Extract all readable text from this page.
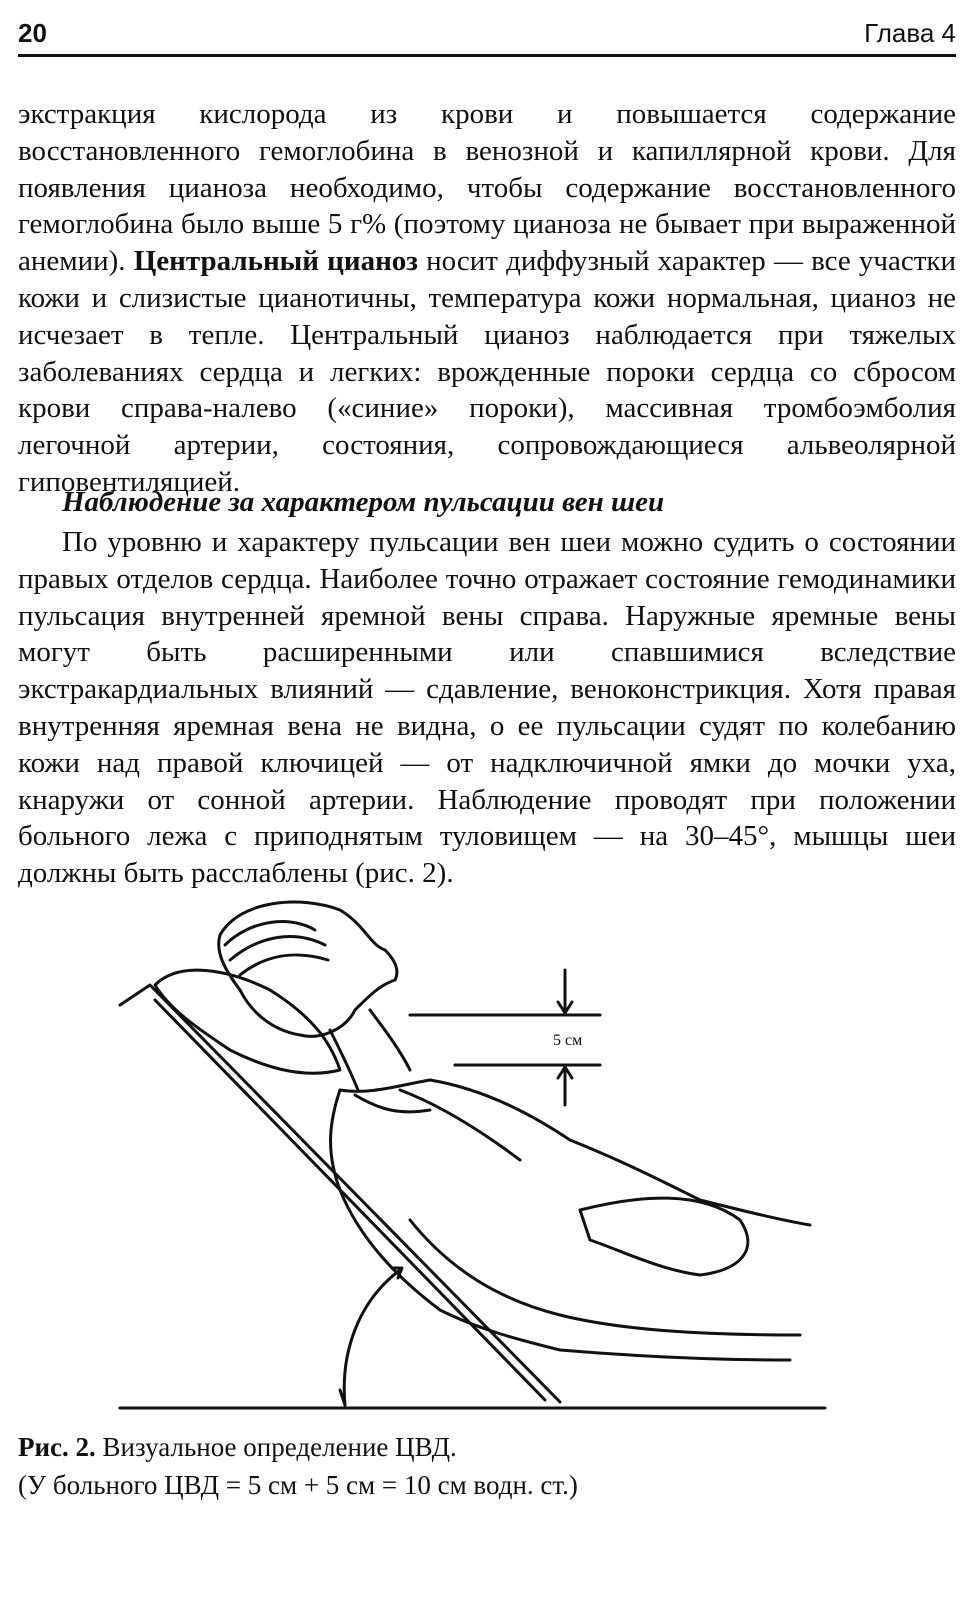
20	Глава 4

экстракция кислорода из крови и повышается содержание восстановленного гемоглобина в венозной и капиллярной крови. Для появления цианоза необходимо, чтобы содержание восстановленного гемоглобина было выше 5 г% (поэтому цианоза не бывает при выраженной анемии). Центральный цианоз носит диффузный характер — все участки кожи и слизистые цианотичны, температура кожи нормальная, цианоз не исчезает в тепле. Центральный цианоз наблюдается при тяжелых заболеваниях сердца и легких: врожденные пороки сердца со сбросом крови справа-налево («синие» пороки), массивная тромбоэмболия легочной артерии, состояния, сопровождающиеся альвеолярной гиповентиляцией.

Наблюдение за характером пульсации вен шеи

По уровню и характеру пульсации вен шеи можно судить о состоянии правых отделов сердца. Наиболее точно отражает состояние гемодинамики пульсация внутренней яремной вены справа. Наружные яремные вены могут быть расширенными или спавшимися вследствие экстракардиальных влияний — сдавление, веноконстрикция. Хотя правая внутренняя яремная вена не видна, о ее пульсации судят по колебанию кожи над правой ключицей — от надключичной ямки до мочки уха, кнаружи от сонной артерии. Наблюдение проводят при положении больного лежа с приподнятым туловищем — на 30–45°, мышцы шеи должны быть расслаблены (рис. 2).

5 см
Рис. 2. Визуальное определение ЦВД.
(У больного ЦВД = 5 см + 5 см = 10 см водн. ст.)
